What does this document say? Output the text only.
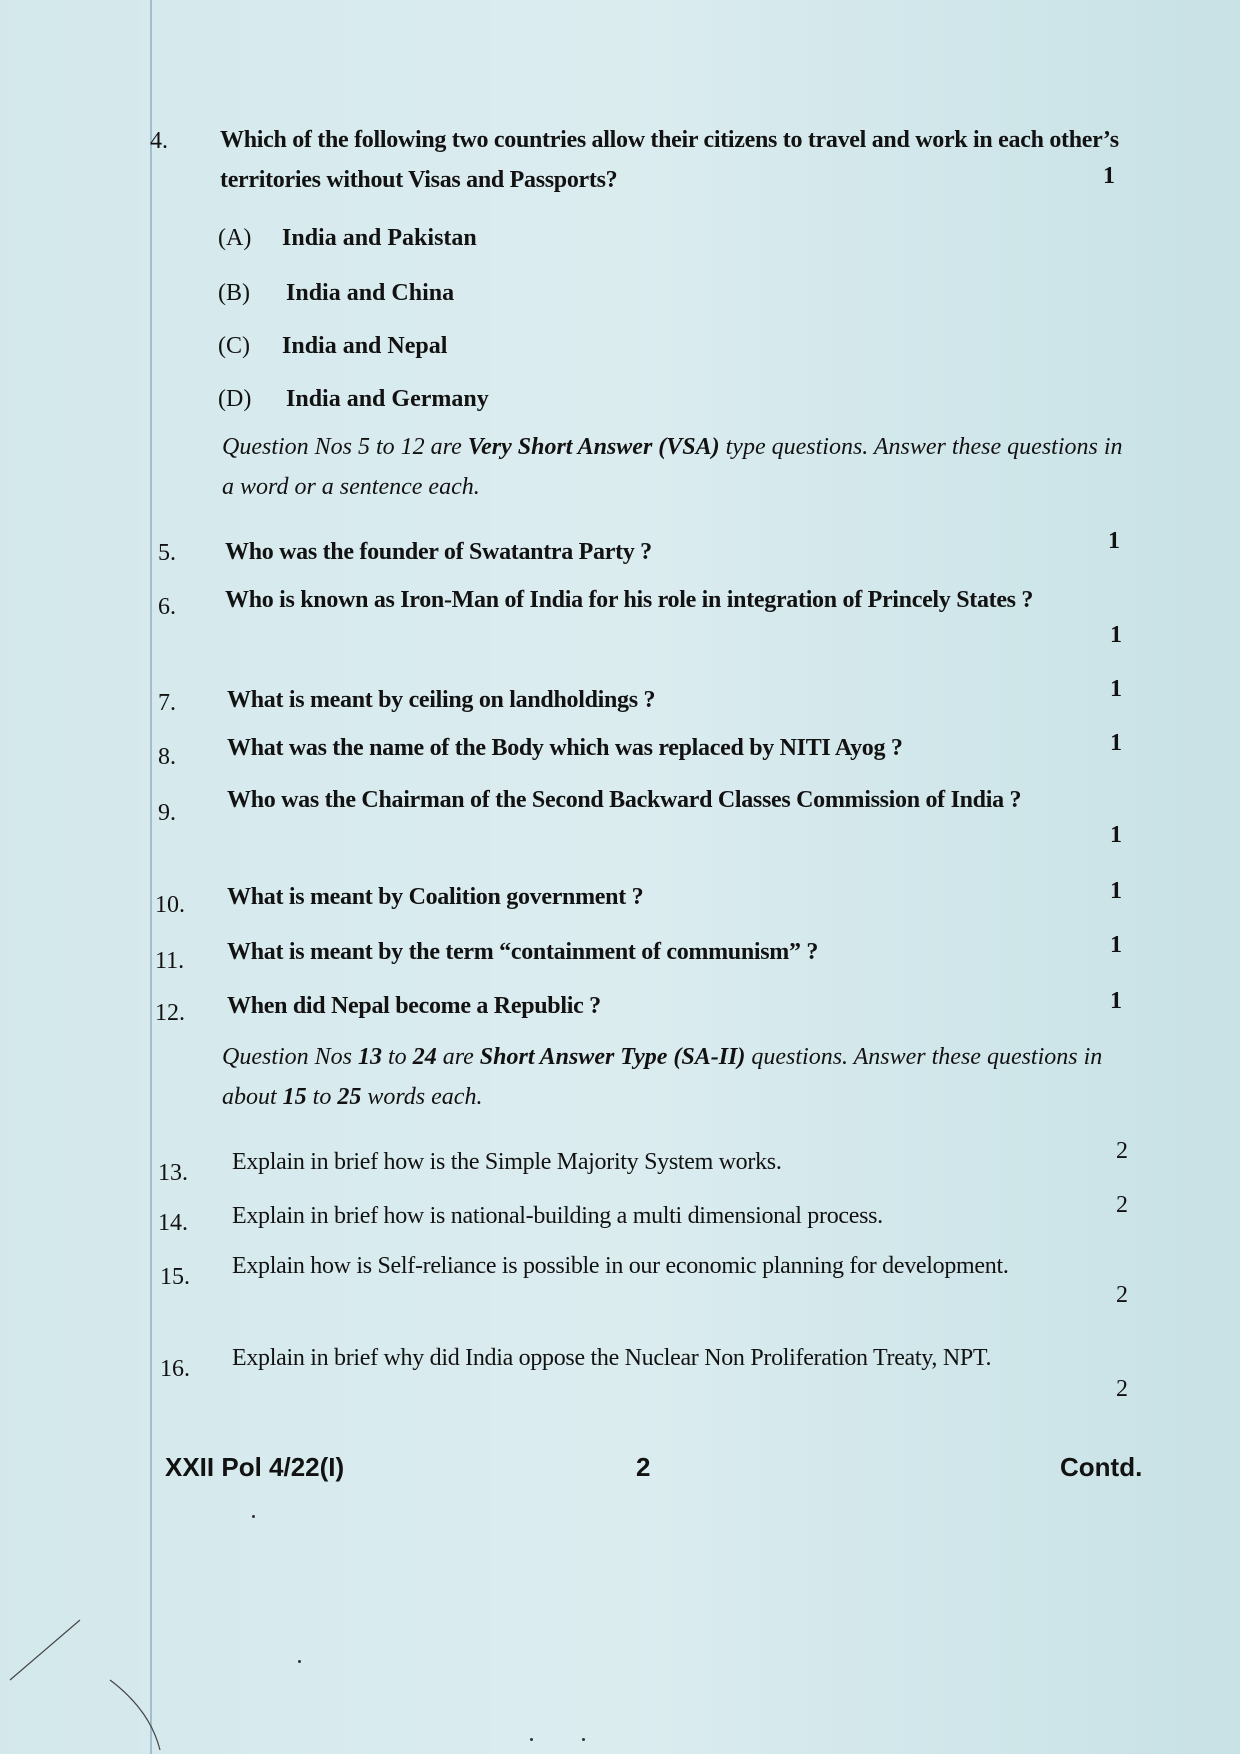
4. Which of the following two countries allow their citizens to travel and work in each other’s territories without Visas and Passports?	1
(A) India and Pakistan
(B) India and China
(C) India and Nepal
(D) India and Germany
Question Nos 5 to 12 are Very Short Answer (VSA) type questions. Answer these questions in a word or a sentence each.
5. Who was the founder of Swatantra Party ?	1
6. Who is known as Iron-Man of India for his role in integration of Princely States ?
1
7. What is meant by ceiling on landholdings ?	1
8. What was the name of the Body which was replaced by NITI Ayog ?	1
9. Who was the Chairman of the Second Backward Classes Commission of India ?
1
10. What is meant by Coalition government ?	1
11. What is meant by the term “containment of communism” ?	1
12. When did Nepal become a Republic ?	1
Question Nos 13 to 24 are Short Answer Type (SA-II) questions. Answer these questions in about 15 to 25 words each.
13. Explain in brief how is the Simple Majority System works.	2
14. Explain in brief how is national-building a multi dimensional process.	2
15. Explain how is Self-reliance is possible in our economic planning for development.
2
16. Explain in brief why did India oppose the Nuclear Non Proliferation Treaty, NPT.
2
XXII Pol 4/22(I)	2	Contd.
